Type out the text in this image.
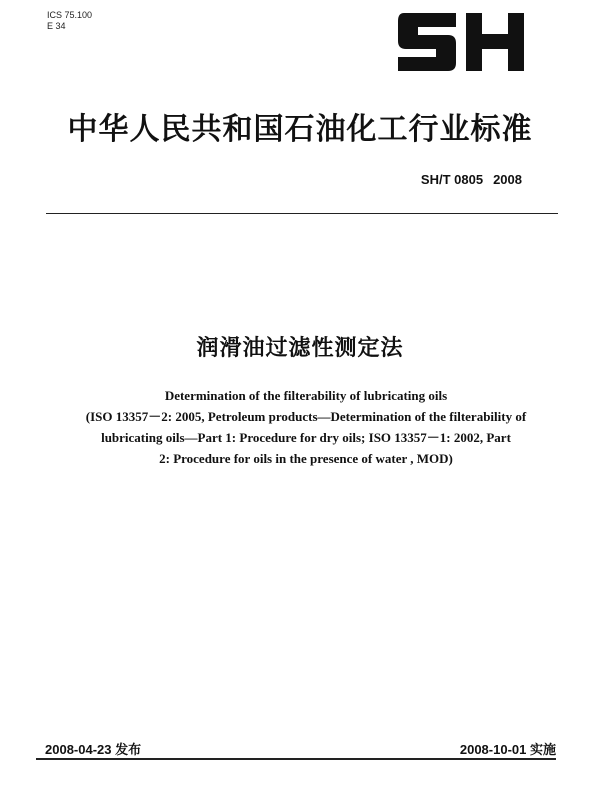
ICS 75.100
E 34
中华人民共和国石油化工行业标准
SH/T 0805 2008
润滑油过滤性测定法
Determination of the filterability of lubricating oils
(ISO 13357－2: 2005, Petroleum products—Determination of the filterability of
lubricating oils—Part 1: Procedure for dry oils; ISO 13357－1: 2002, Part
2: Procedure for oils in the presence of water , MOD)
2008-04-23 发布	2008-10-01 实施
